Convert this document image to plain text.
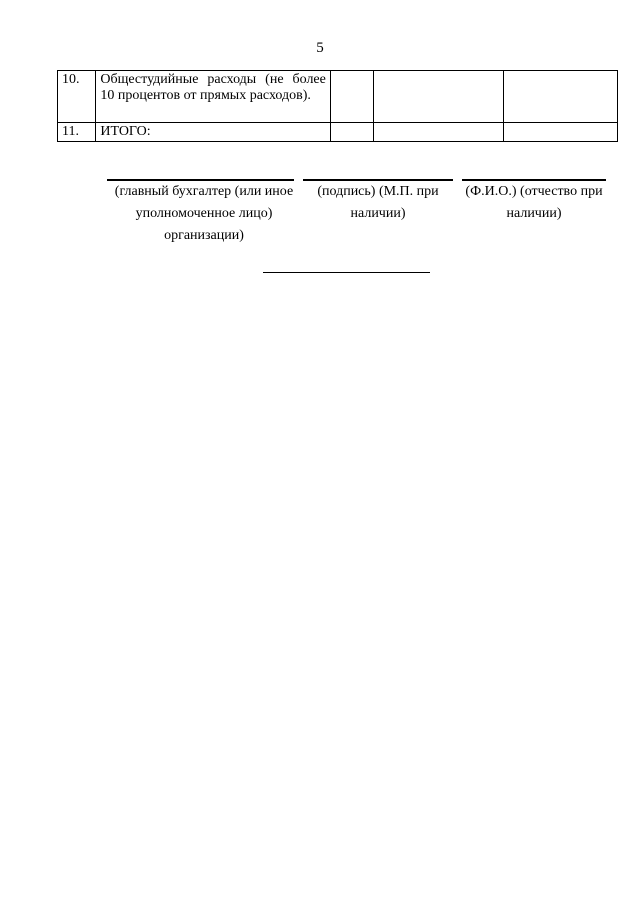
5
10.	Общестудийные расходы (не более 10 процентов от прямых расходов).			
11.	ИТОГО:			
(главный бухгалтер (или иное уполномоченное лицо) организации)
(подпись) (М.П. при наличии)
(Ф.И.О.) (отчество при наличии)
